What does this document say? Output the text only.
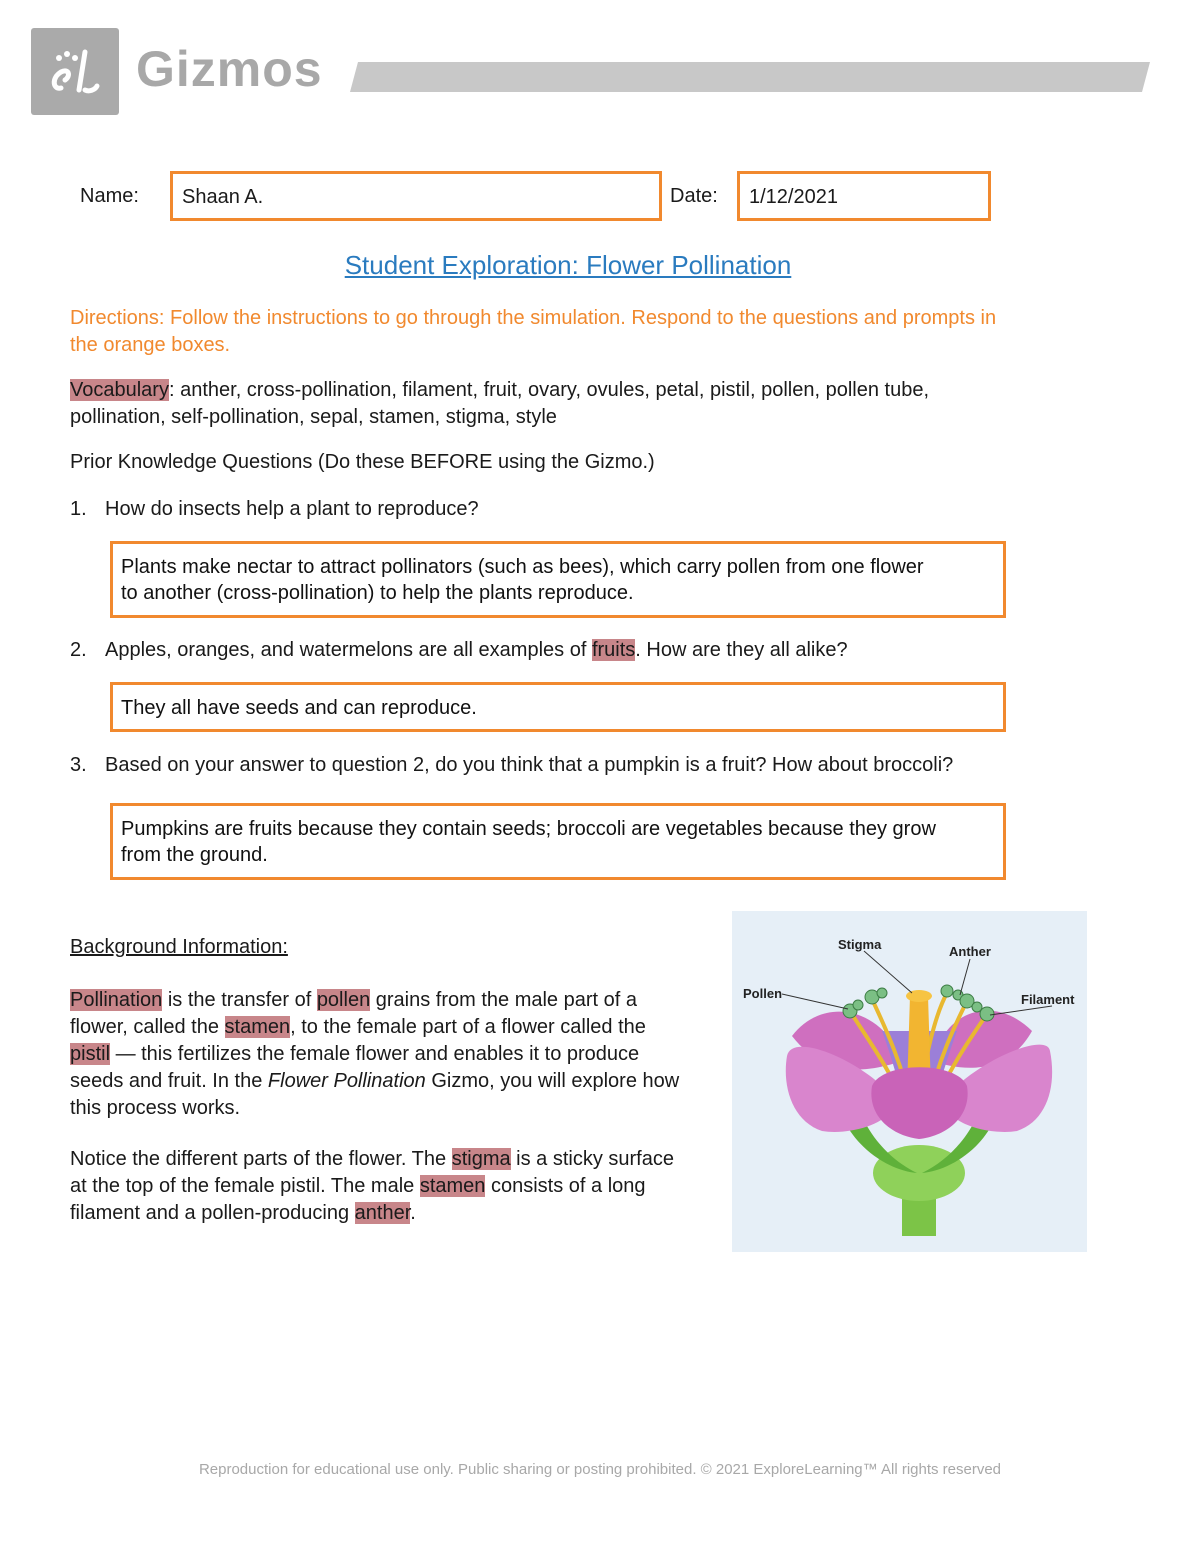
Gizmos
Name:	Shaan A.	Date:	1/12/2021
Student Exploration: Flower Pollination
Directions: Follow the instructions to go through the simulation. Respond to the questions and prompts in
the orange boxes.
Vocabulary: anther, cross-pollination, filament, fruit, ovary, ovules, petal, pistil, pollen, pollen tube,
pollination, self-pollination, sepal, stamen, stigma, style
Prior Knowledge Questions (Do these BEFORE using the Gizmo.)
1. How do insects help a plant to reproduce?
Plants make nectar to attract pollinators (such as bees), which carry pollen from one flower
to another (cross-pollination) to help the plants reproduce.
2. Apples, oranges, and watermelons are all examples of fruits. How are they all alike?
They all have seeds and can reproduce.
3. Based on your answer to question 2, do you think that a pumpkin is a fruit? How about broccoli?
Pumpkins are fruits because they contain seeds; broccoli are vegetables because they grow
from the ground.
Background Information:
Pollination is the transfer of pollen grains from the male part of a
flower, called the stamen, to the female part of a flower called the
pistil — this fertilizes the female flower and enables it to produce
seeds and fruit. In the Flower Pollination Gizmo, you will explore how
this process works.
Notice the different parts of the flower. The stigma is a sticky surface
at the top of the female pistil. The male stamen consists of a long
filament and a pollen-producing anther.
Stigma	Anther
Pollen	Filament
Reproduction for educational use only. Public sharing or posting prohibited. © 2021 ExploreLearning™ All rights reserved
